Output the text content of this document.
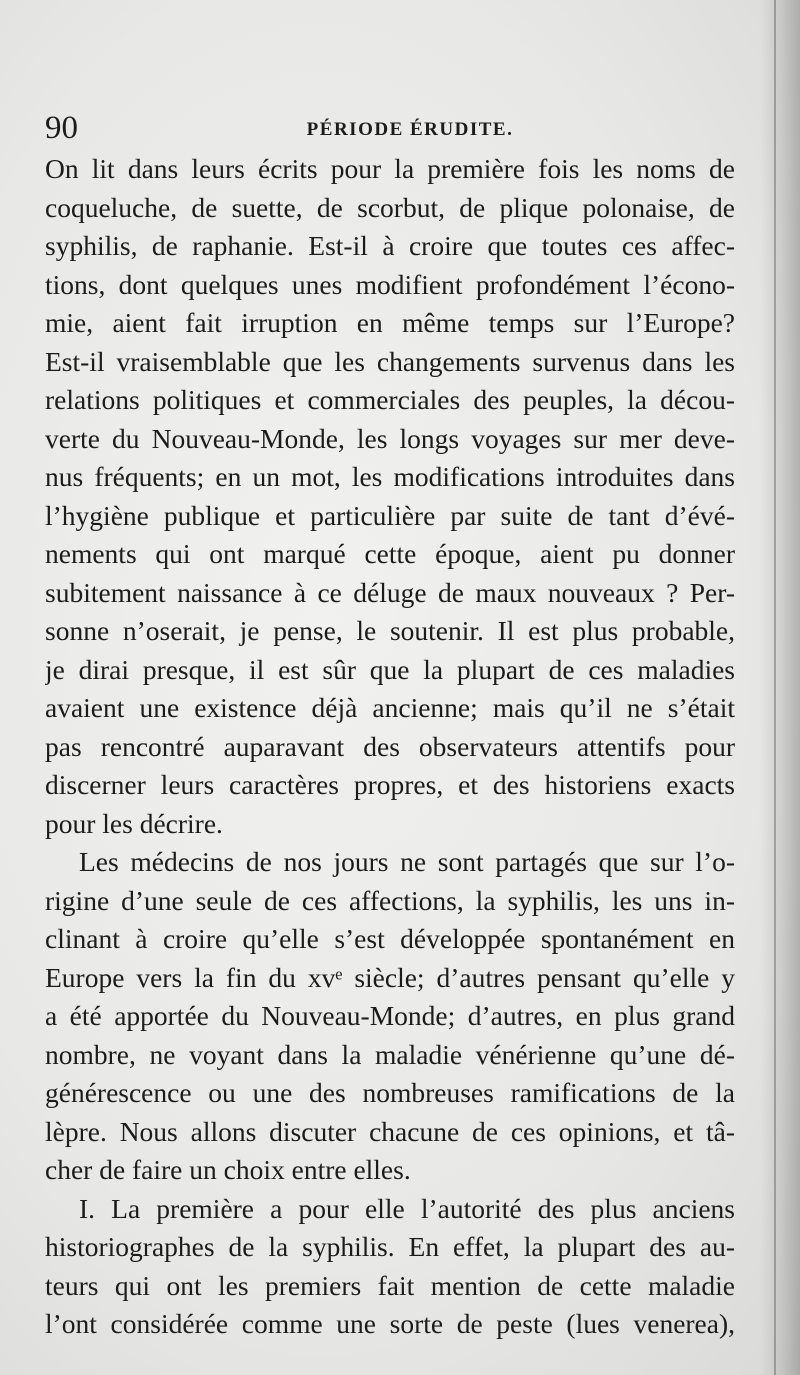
90	PÉRIODE ÉRUDITE.
On lit dans leurs écrits pour la première fois les noms de
coqueluche, de suette, de scorbut, de plique polonaise, de
syphilis, de raphanie. Est-il à croire que toutes ces affec-
tions, dont quelques unes modifient profondément l’écono-
mie, aient fait irruption en même temps sur l’Europe?
Est-il vraisemblable que les changements survenus dans les
relations politiques et commerciales des peuples, la décou-
verte du Nouveau-Monde, les longs voyages sur mer deve-
nus fréquents; en un mot, les modifications introduites dans
l’hygiène publique et particulière par suite de tant d’évé-
nements qui ont marqué cette époque, aient pu donner
subitement naissance à ce déluge de maux nouveaux ? Per-
sonne n’oserait, je pense, le soutenir. Il est plus probable,
je dirai presque, il est sûr que la plupart de ces maladies
avaient une existence déjà ancienne; mais qu’il ne s’était
pas rencontré auparavant des observateurs attentifs pour
discerner leurs caractères propres, et des historiens exacts
pour les décrire.
Les médecins de nos jours ne sont partagés que sur l’o-
rigine d’une seule de ces affections, la syphilis, les uns in-
clinant à croire qu’elle s’est développée spontanément en
Europe vers la fin du xvᵉ siècle; d’autres pensant qu’elle y
a été apportée du Nouveau-Monde; d’autres, en plus grand
nombre, ne voyant dans la maladie vénérienne qu’une dé-
générescence ou une des nombreuses ramifications de la
lèpre. Nous allons discuter chacune de ces opinions, et tâ-
cher de faire un choix entre elles.
I. La première a pour elle l’autorité des plus anciens
historiographes de la syphilis. En effet, la plupart des au-
teurs qui ont les premiers fait mention de cette maladie
l’ont considérée comme une sorte de peste (lues venerea),
